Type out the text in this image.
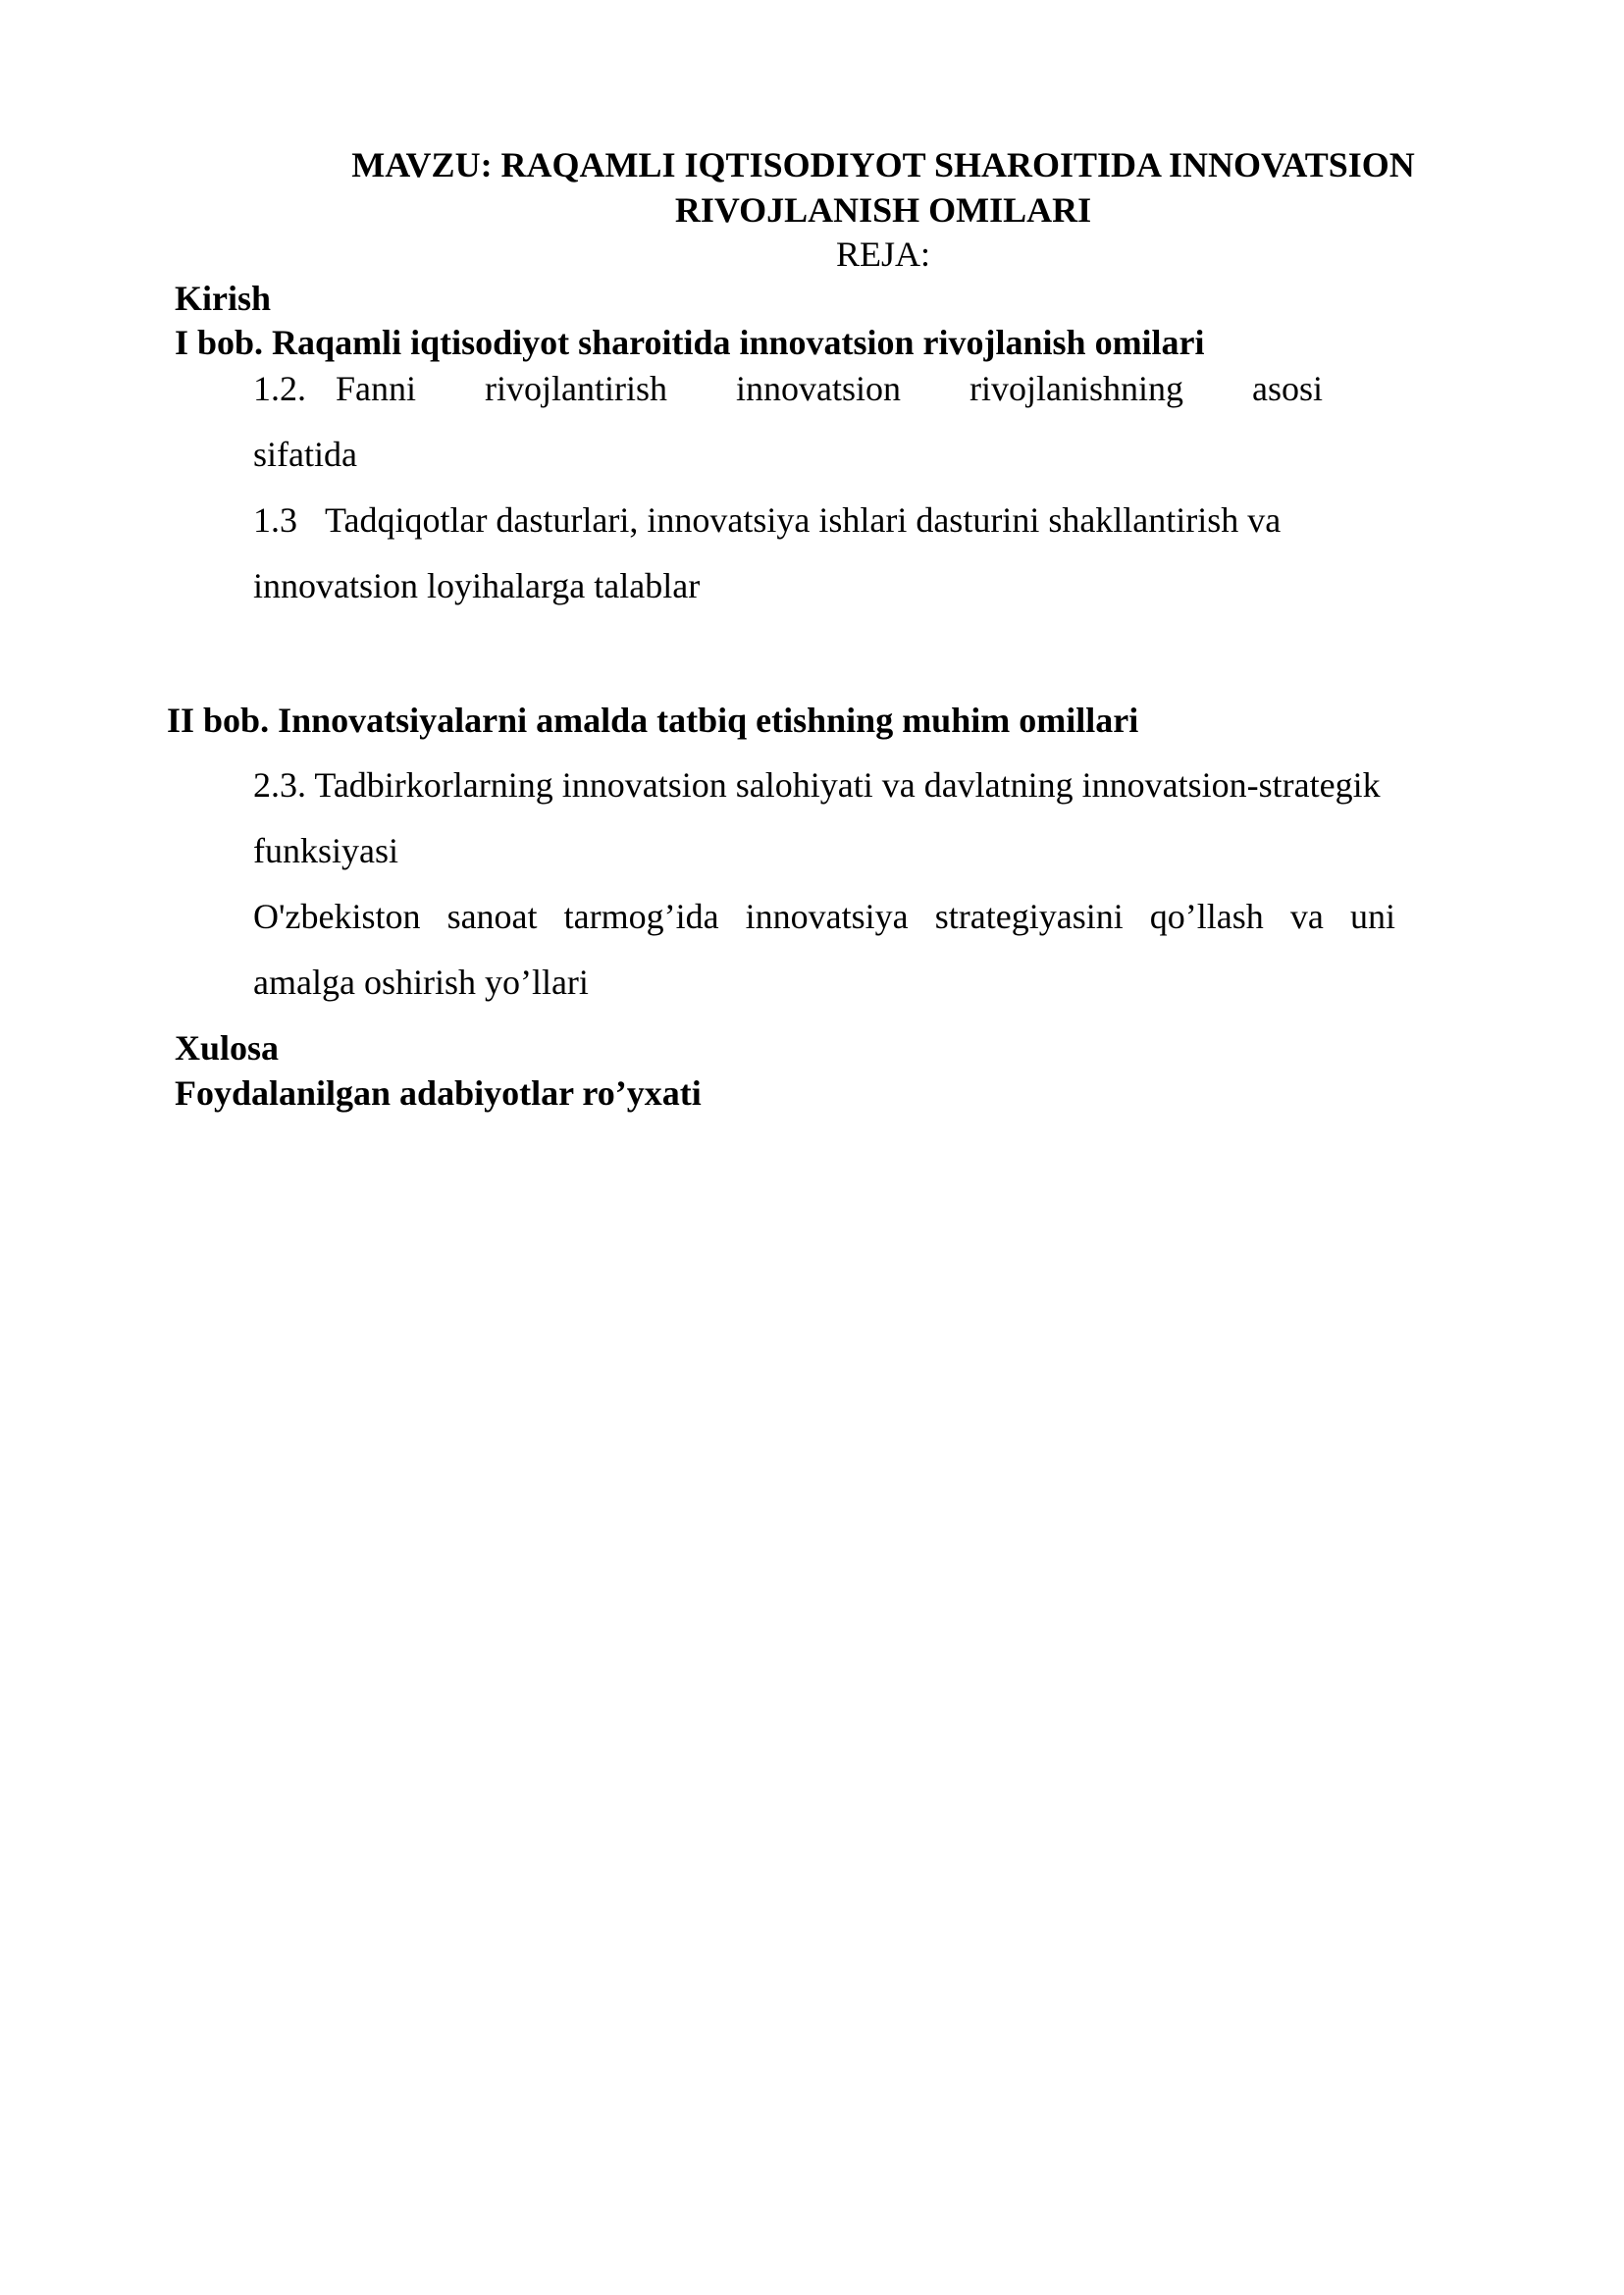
MAVZU: RAQAMLI IQTISODIYOT SHAROITIDA INNOVATSION
RIVOJLANISH OMILARI
REJA:
Kirish
I bob. Raqamli iqtisodiyot sharoitida innovatsion rivojlanish omilari
1.2. Fanni rivojlantirish innovatsion rivojlanishning asosi
sifatida
1.3 Tadqiqotlar dasturlari, innovatsiya ishlari dasturini shakllantirish va
innovatsion loyihalarga talablar
II bob. Innovatsiyalarni amalda tatbiq etishning muhim omillari
2.3. Tadbirkorlarning innovatsion salohiyati va davlatning innovatsion-strategik
funksiyasi
O'zbekiston sanoat tarmog’ida innovatsiya strategiyasini qo’llash va uni
amalga oshirish yo’llari
Xulosa
Foydalanilgan adabiyotlar ro’yxati
